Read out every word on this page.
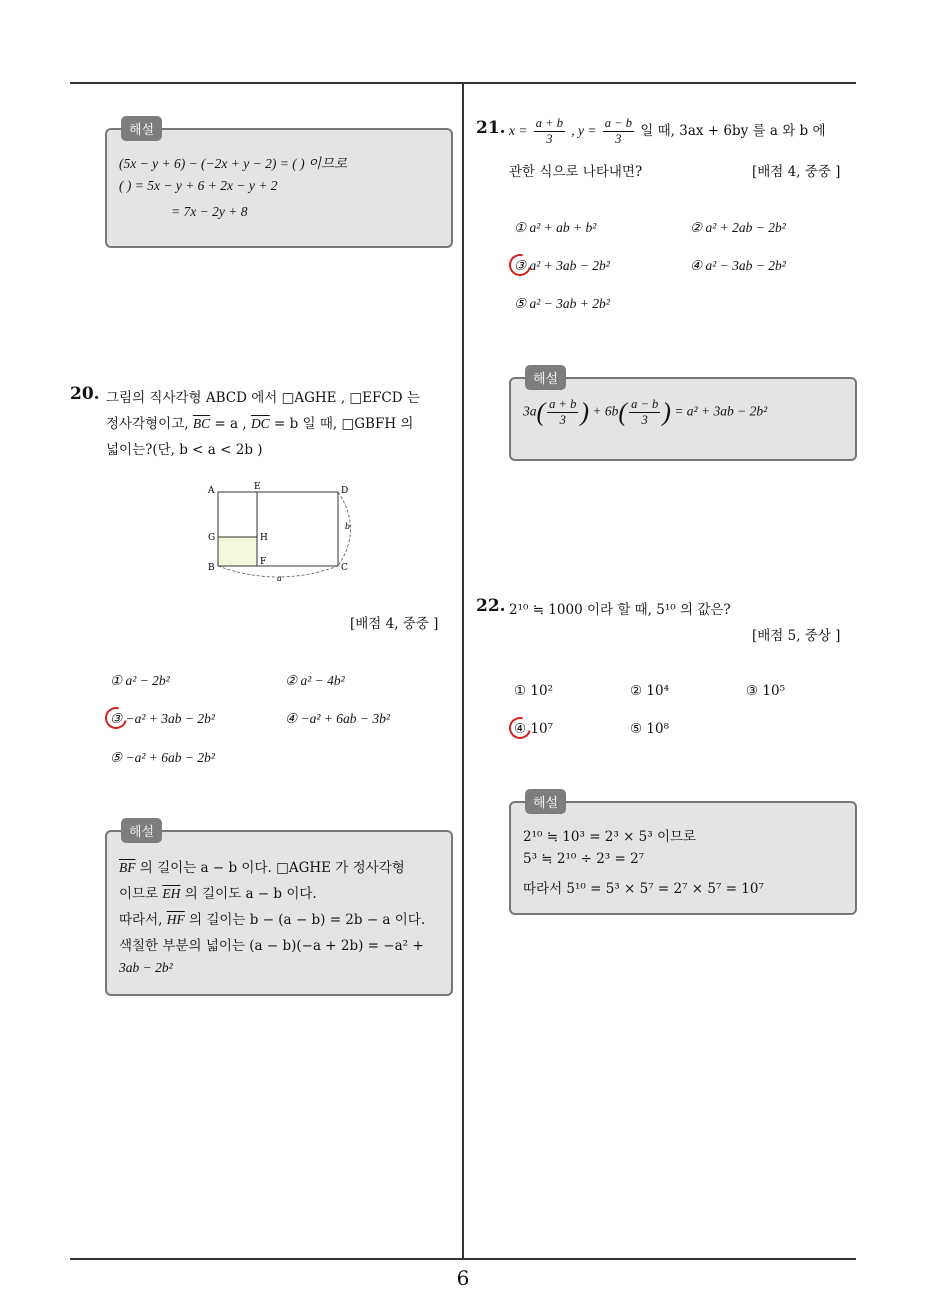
해설
(5x − y + 6) − (−2x + y − 2) = ( ) 이므로
( ) = 5x − y + 6 + 2x − y + 2
= 7x − 2y + 8
20. 그림의 직사각형 ABCD 에서 □AGHE , □EFCD 는
정사각형이고, $\overline{BC} = a$ , $\overline{DC} = b$ 일 때, □GBFH 의
넓이는?(단, b < a < 2b )
A	E	D
G	H
B
F
C
a
b
[배점 4, 중중 ]
① a² − 2b²	② a² − 4b²
③ −a² + 3ab − 2b²	④ −a² + 6ab − 3b²
⑤ −a² + 6ab − 2b²
해설
$\overline{BF}$ 의 길이는 a − b 이다. □AGHE 가 정사각형
이므로 $\overline{EH}$ 의 길이도 a − b 이다.
따라서, $\overline{HF}$ 의 길이는 b − (a − b) = 2b − a 이다.
색칠한 부분의 넓이는 (a − b)(−a + 2b) = −a² +
3ab − 2b²
21. $x = \frac{a + b}{3}$ , $y = \frac{a - b}{3}$ 일 때, 3ax + 6by 를 a 와 b 에
관한 식으로 나타내면?	[배점 4, 중중 ]
① a² + ab + b²	② a² + 2ab − 2b²
③ a² + 3ab − 2b²	④ a² − 3ab − 2b²
⑤ a² − 3ab + 2b²
해설
$3a( \frac{a + b}{3}$ ) + $6b( \frac{a - b}{3}$ ) = a² + 3ab − 2b²
22. 2¹⁰ ≒ 1000 이라 할 때, 5¹⁰ 의 값은?
[배점 5, 중상 ]
① 10²	② 10⁴	③ 10⁵
④ 10⁷	⑤ 10⁸
해설
2¹⁰ ≒ 10³ = 2³ × 5³ 이므로
5³ ≒ 2¹⁰ ÷ 2³ = 2⁷
따라서 5¹⁰ = 5³ × 5⁷ = 2⁷ × 5⁷ = 10⁷
6
